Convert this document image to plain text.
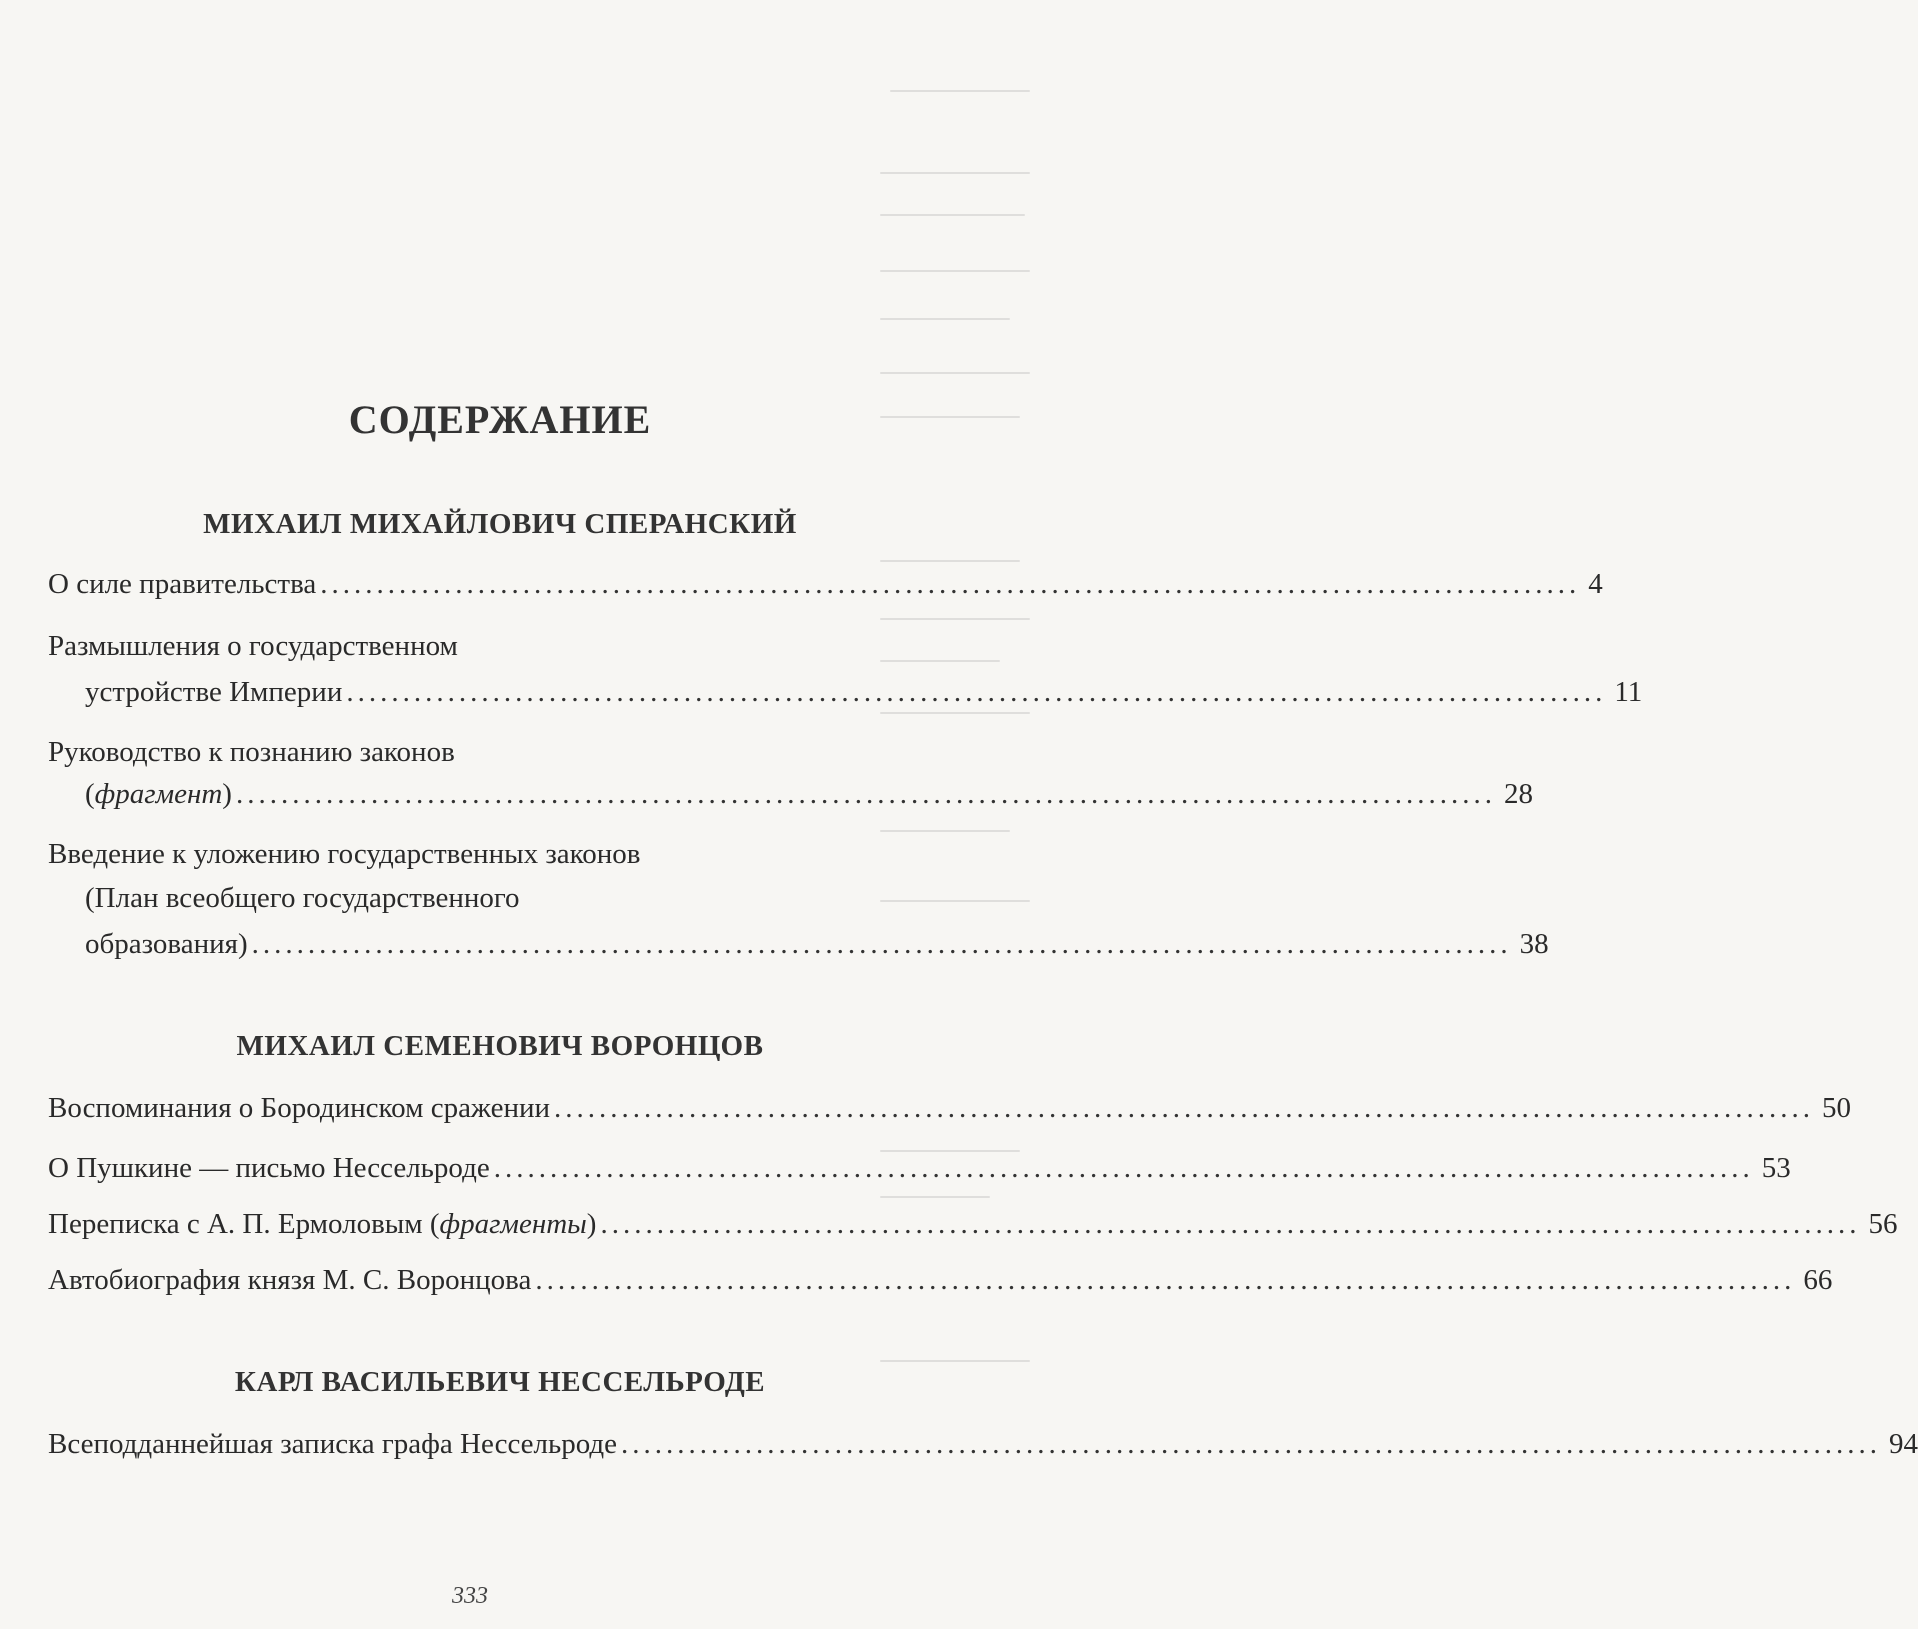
СОДЕРЖАНИЕ
МИХАИЛ МИХАЙЛОВИЧ СПЕРАНСКИЙ
О силе правительства ................................................................................................................ 4
Размышления о государственном
устройстве Империи ................................................................................................................ 11
Руководство к познанию законов
(фрагмент) ................................................................................................................ 28
Введение к уложению государственных законов
(План всеобщего государственного
образования) ................................................................................................................ 38
МИХАИЛ СЕМЕНОВИЧ ВОРОНЦОВ
Воспоминания о Бородинском сражении ................................................................................................................ 50
О Пушкине — письмо Нессельроде ................................................................................................................ 53
Переписка с А. П. Ермоловым (фрагменты) ................................................................................................................ 56
Автобиография князя М. С. Воронцова ................................................................................................................ 66
КАРЛ ВАСИЛЬЕВИЧ НЕССЕЛЬРОДЕ
Всеподданнейшая записка графа Нессельроде ................................................................................................................ 94
333
